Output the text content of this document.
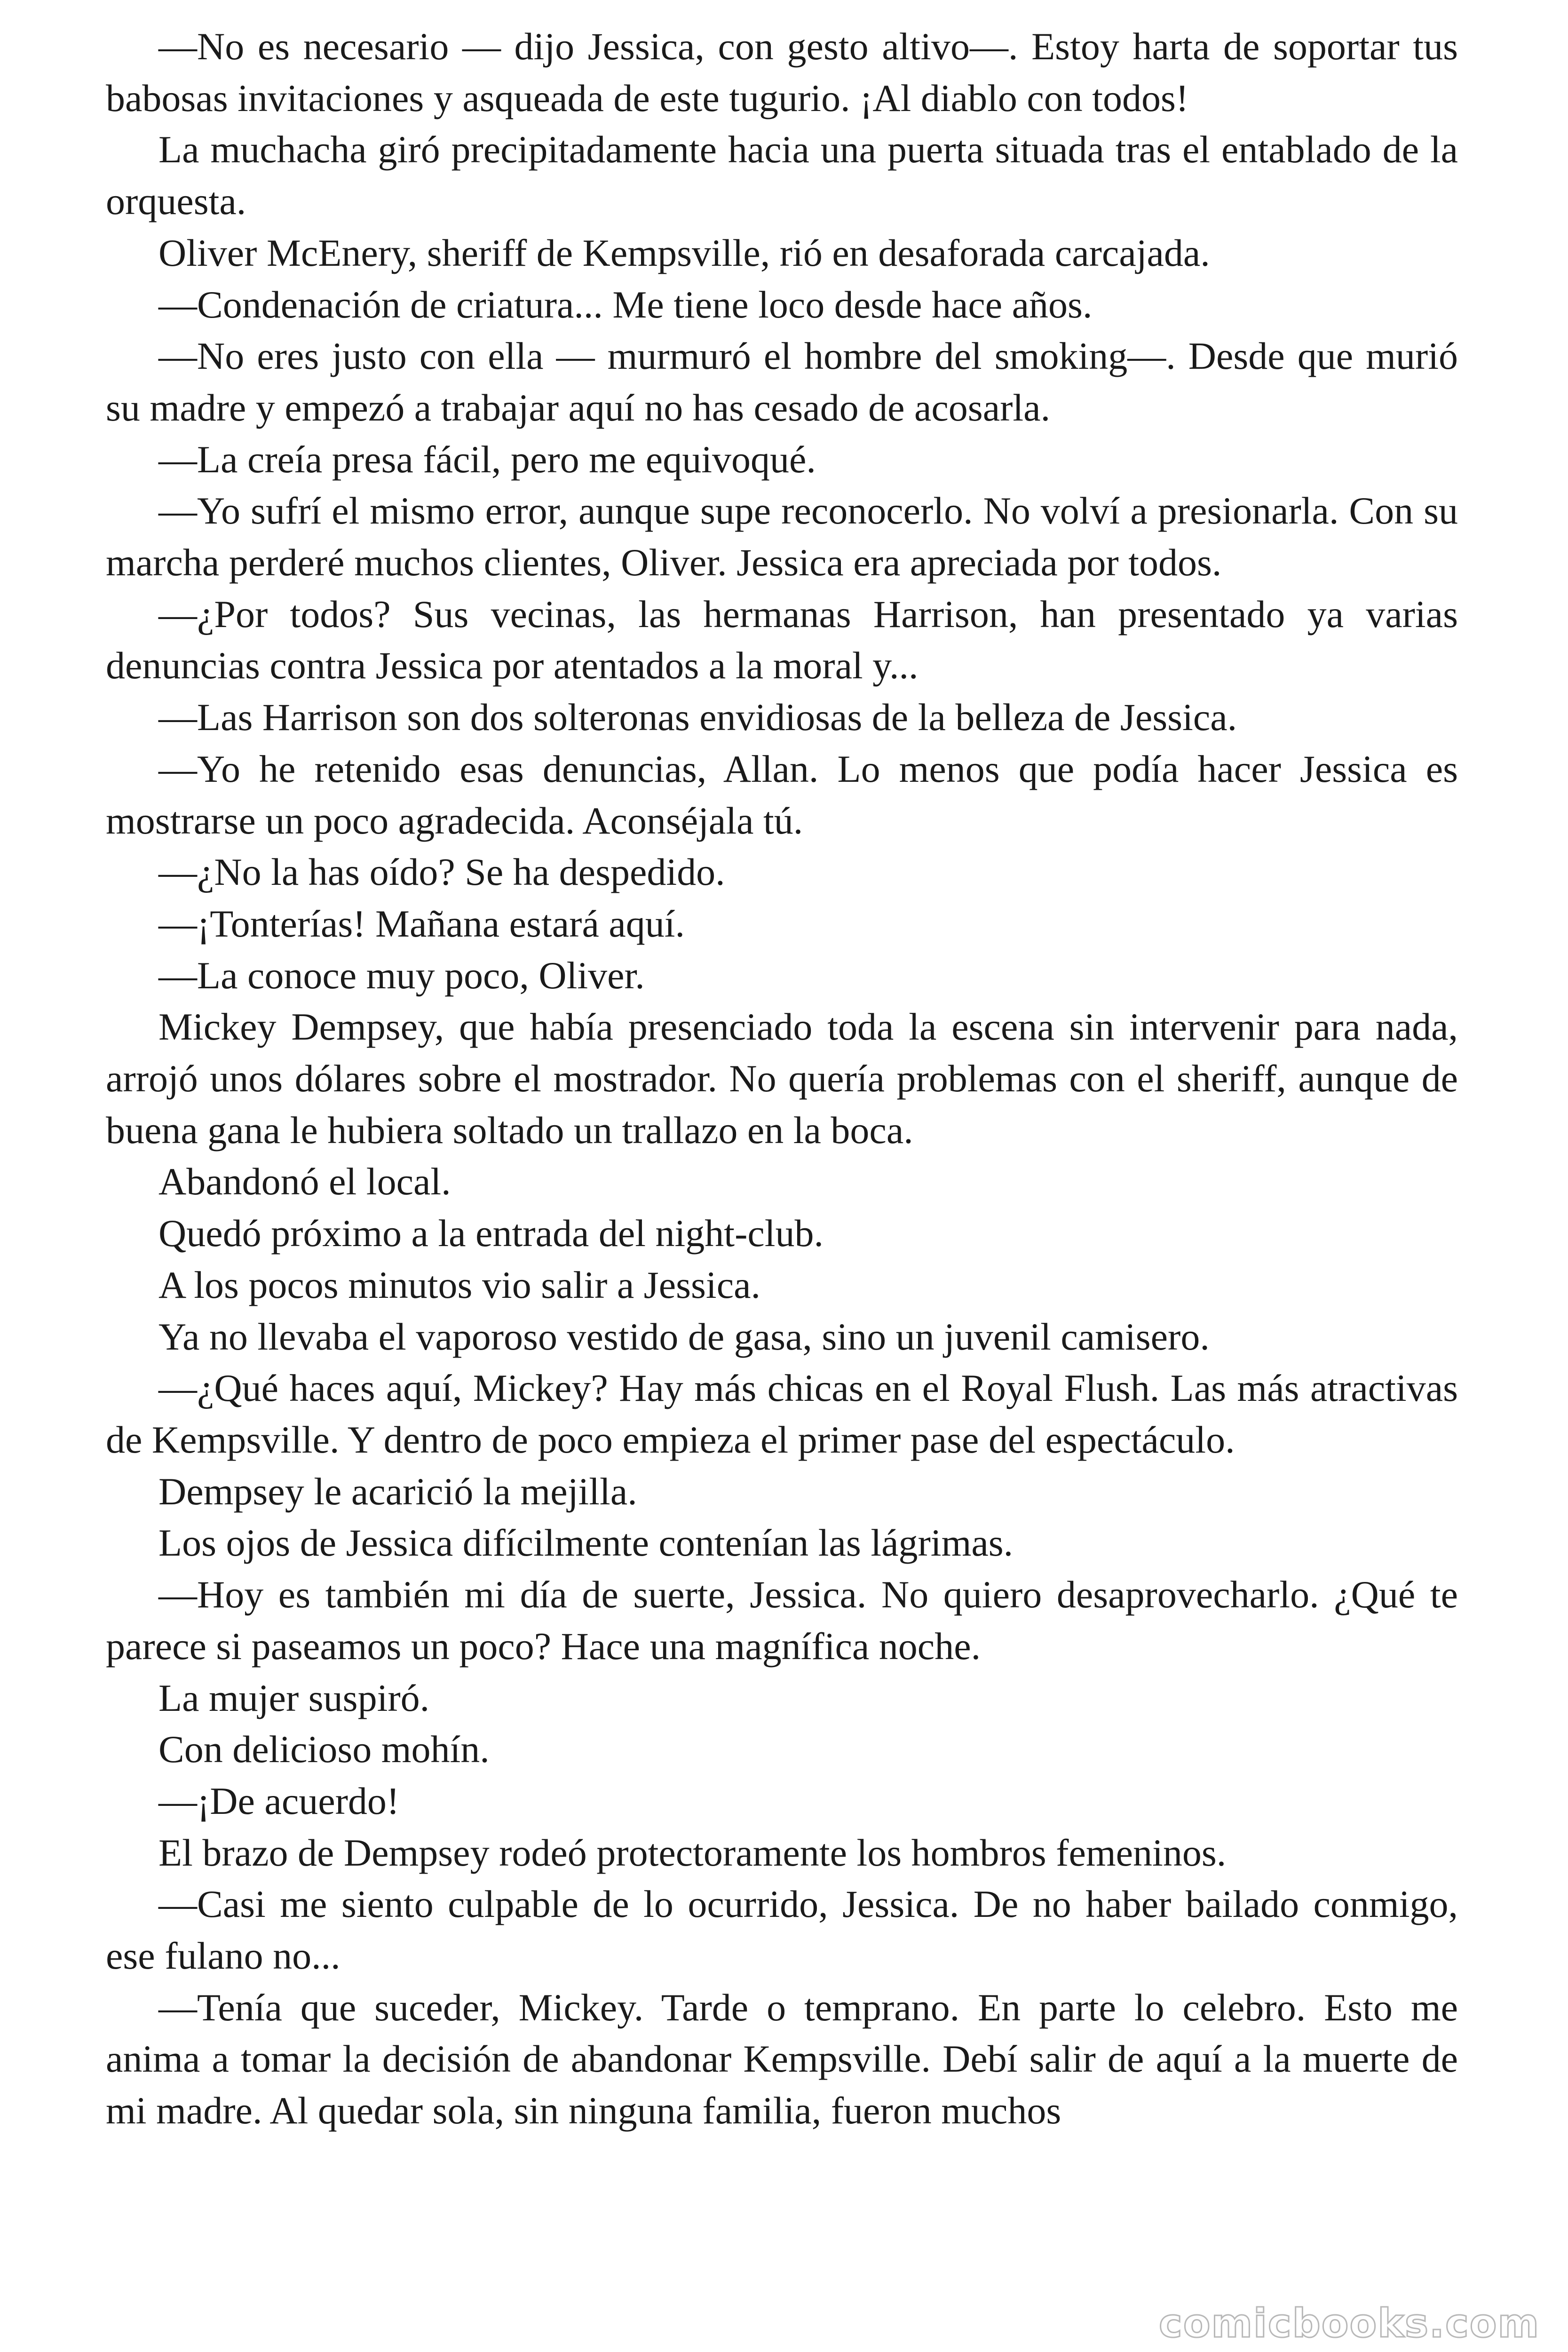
—No es necesario — dijo Jessica, con gesto altivo—. Estoy harta de soportar tus babosas invitaciones y asqueada de este tugurio. ¡Al diablo con todos!

La muchacha giró precipitadamente hacia una puerta situada tras el entablado de la orquesta.

Oliver McEnery, sheriff de Kempsville, rió en desaforada carcajada.

—Condenación de criatura... Me tiene loco desde hace años.

—No eres justo con ella — murmuró el hombre del smoking—. Desde que murió su madre y empezó a trabajar aquí no has cesado de acosarla.

—La creía presa fácil, pero me equivoqué.

—Yo sufrí el mismo error, aunque supe reconocerlo. No volví a presionarla. Con su marcha perderé muchos clientes, Oliver. Jessica era apreciada por todos.

—¿Por todos? Sus vecinas, las hermanas Harrison, han presentado ya varias denuncias contra Jessica por atentados a la moral y...

—Las Harrison son dos solteronas envidiosas de la belleza de Jessica.

—Yo he retenido esas denuncias, Allan. Lo menos que podía hacer Jessica es mostrarse un poco agradecida. Aconséjala tú.

—¿No la has oído? Se ha despedido.

—¡Tonterías! Mañana estará aquí.

—La conoce muy poco, Oliver.

Mickey Dempsey, que había presenciado toda la escena sin intervenir para nada, arrojó unos dólares sobre el mostrador. No quería problemas con el sheriff, aunque de buena gana le hubiera soltado un trallazo en la boca.

Abandonó el local.

Quedó próximo a la entrada del night-club.

A los pocos minutos vio salir a Jessica.

Ya no llevaba el vaporoso vestido de gasa, sino un juvenil camisero.

—¿Qué haces aquí, Mickey? Hay más chicas en el Royal Flush. Las más atractivas de Kempsville. Y dentro de poco empieza el primer pase del espectáculo.

Dempsey le acarició la mejilla.

Los ojos de Jessica difícilmente contenían las lágrimas.

—Hoy es también mi día de suerte, Jessica. No quiero desaprovecharlo. ¿Qué te parece si paseamos un poco? Hace una magnífica noche.

La mujer suspiró.

Con delicioso mohín.

—¡De acuerdo!

El brazo de Dempsey rodeó protectoramente los hombros femeninos.

—Casi me siento culpable de lo ocurrido, Jessica. De no haber bailado conmigo, ese fulano no...

—Tenía que suceder, Mickey. Tarde o temprano. En parte lo celebro. Esto me anima a tomar la decisión de abandonar Kempsville. Debí salir de aquí a la muerte de mi madre. Al quedar sola, sin ninguna familia, fueron muchos

comicbooks.com
